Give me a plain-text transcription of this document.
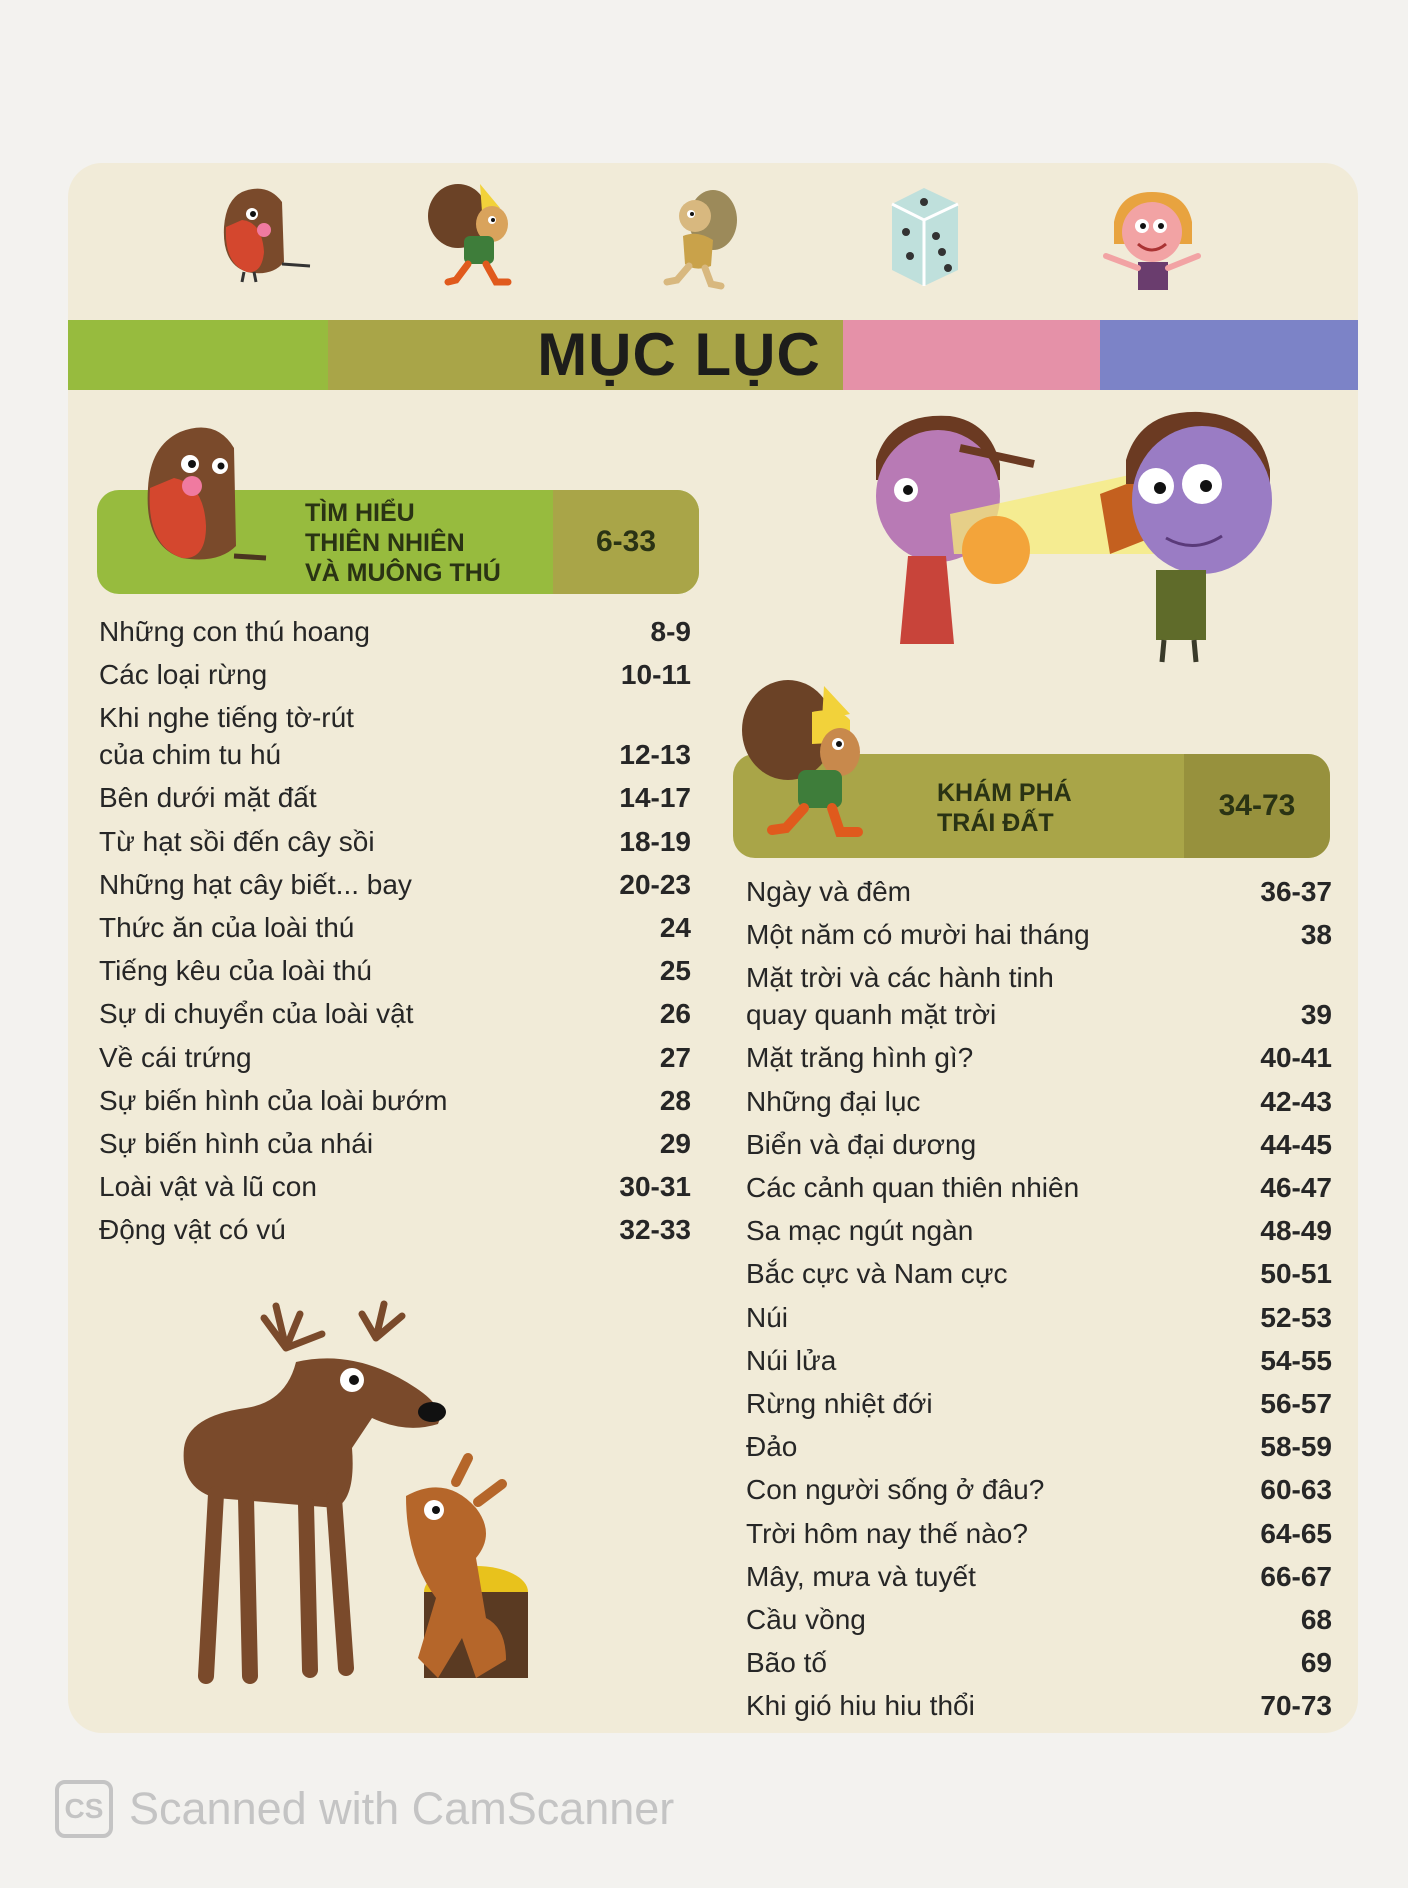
MỤC LỤC
TÌM HIỂU
THIÊN NHIÊN
VÀ MUÔNG THÚ
6-33
KHÁM PHÁ
TRÁI ĐẤT
34-73
Những con thú hoang	8-9
Các loại rừng	10-11
Khi nghe tiếng tờ-rút
của chim tu hú	12-13
Bên dưới mặt đất	14-17
Từ hạt sồi đến cây sồi	18-19
Những hạt cây biết... bay	20-23
Thức ăn của loài thú	24
Tiếng kêu của loài thú	25
Sự di chuyển của loài vật	26
Về cái trứng	27
Sự biến hình của loài bướm	28
Sự biến hình của nhái	29
Loài vật và lũ con	30-31
Động vật có vú	32-33
Ngày và đêm	36-37
Một năm có mười hai tháng	38
Mặt trời và các hành tinh
quay quanh mặt trời	39
Mặt trăng hình gì?	40-41
Những đại lục	42-43
Biển và đại dương	44-45
Các cảnh quan thiên nhiên	46-47
Sa mạc ngút ngàn	48-49
Bắc cực và Nam cực	50-51
Núi	52-53
Núi lửa	54-55
Rừng nhiệt đới	56-57
Đảo	58-59
Con người sống ở đâu?	60-63
Trời hôm nay thế nào?	64-65
Mây, mưa và tuyết	66-67
Cầu vồng	68
Bão tố	69
Khi gió hiu hiu thổi	70-73
CS Scanned with CamScanner
